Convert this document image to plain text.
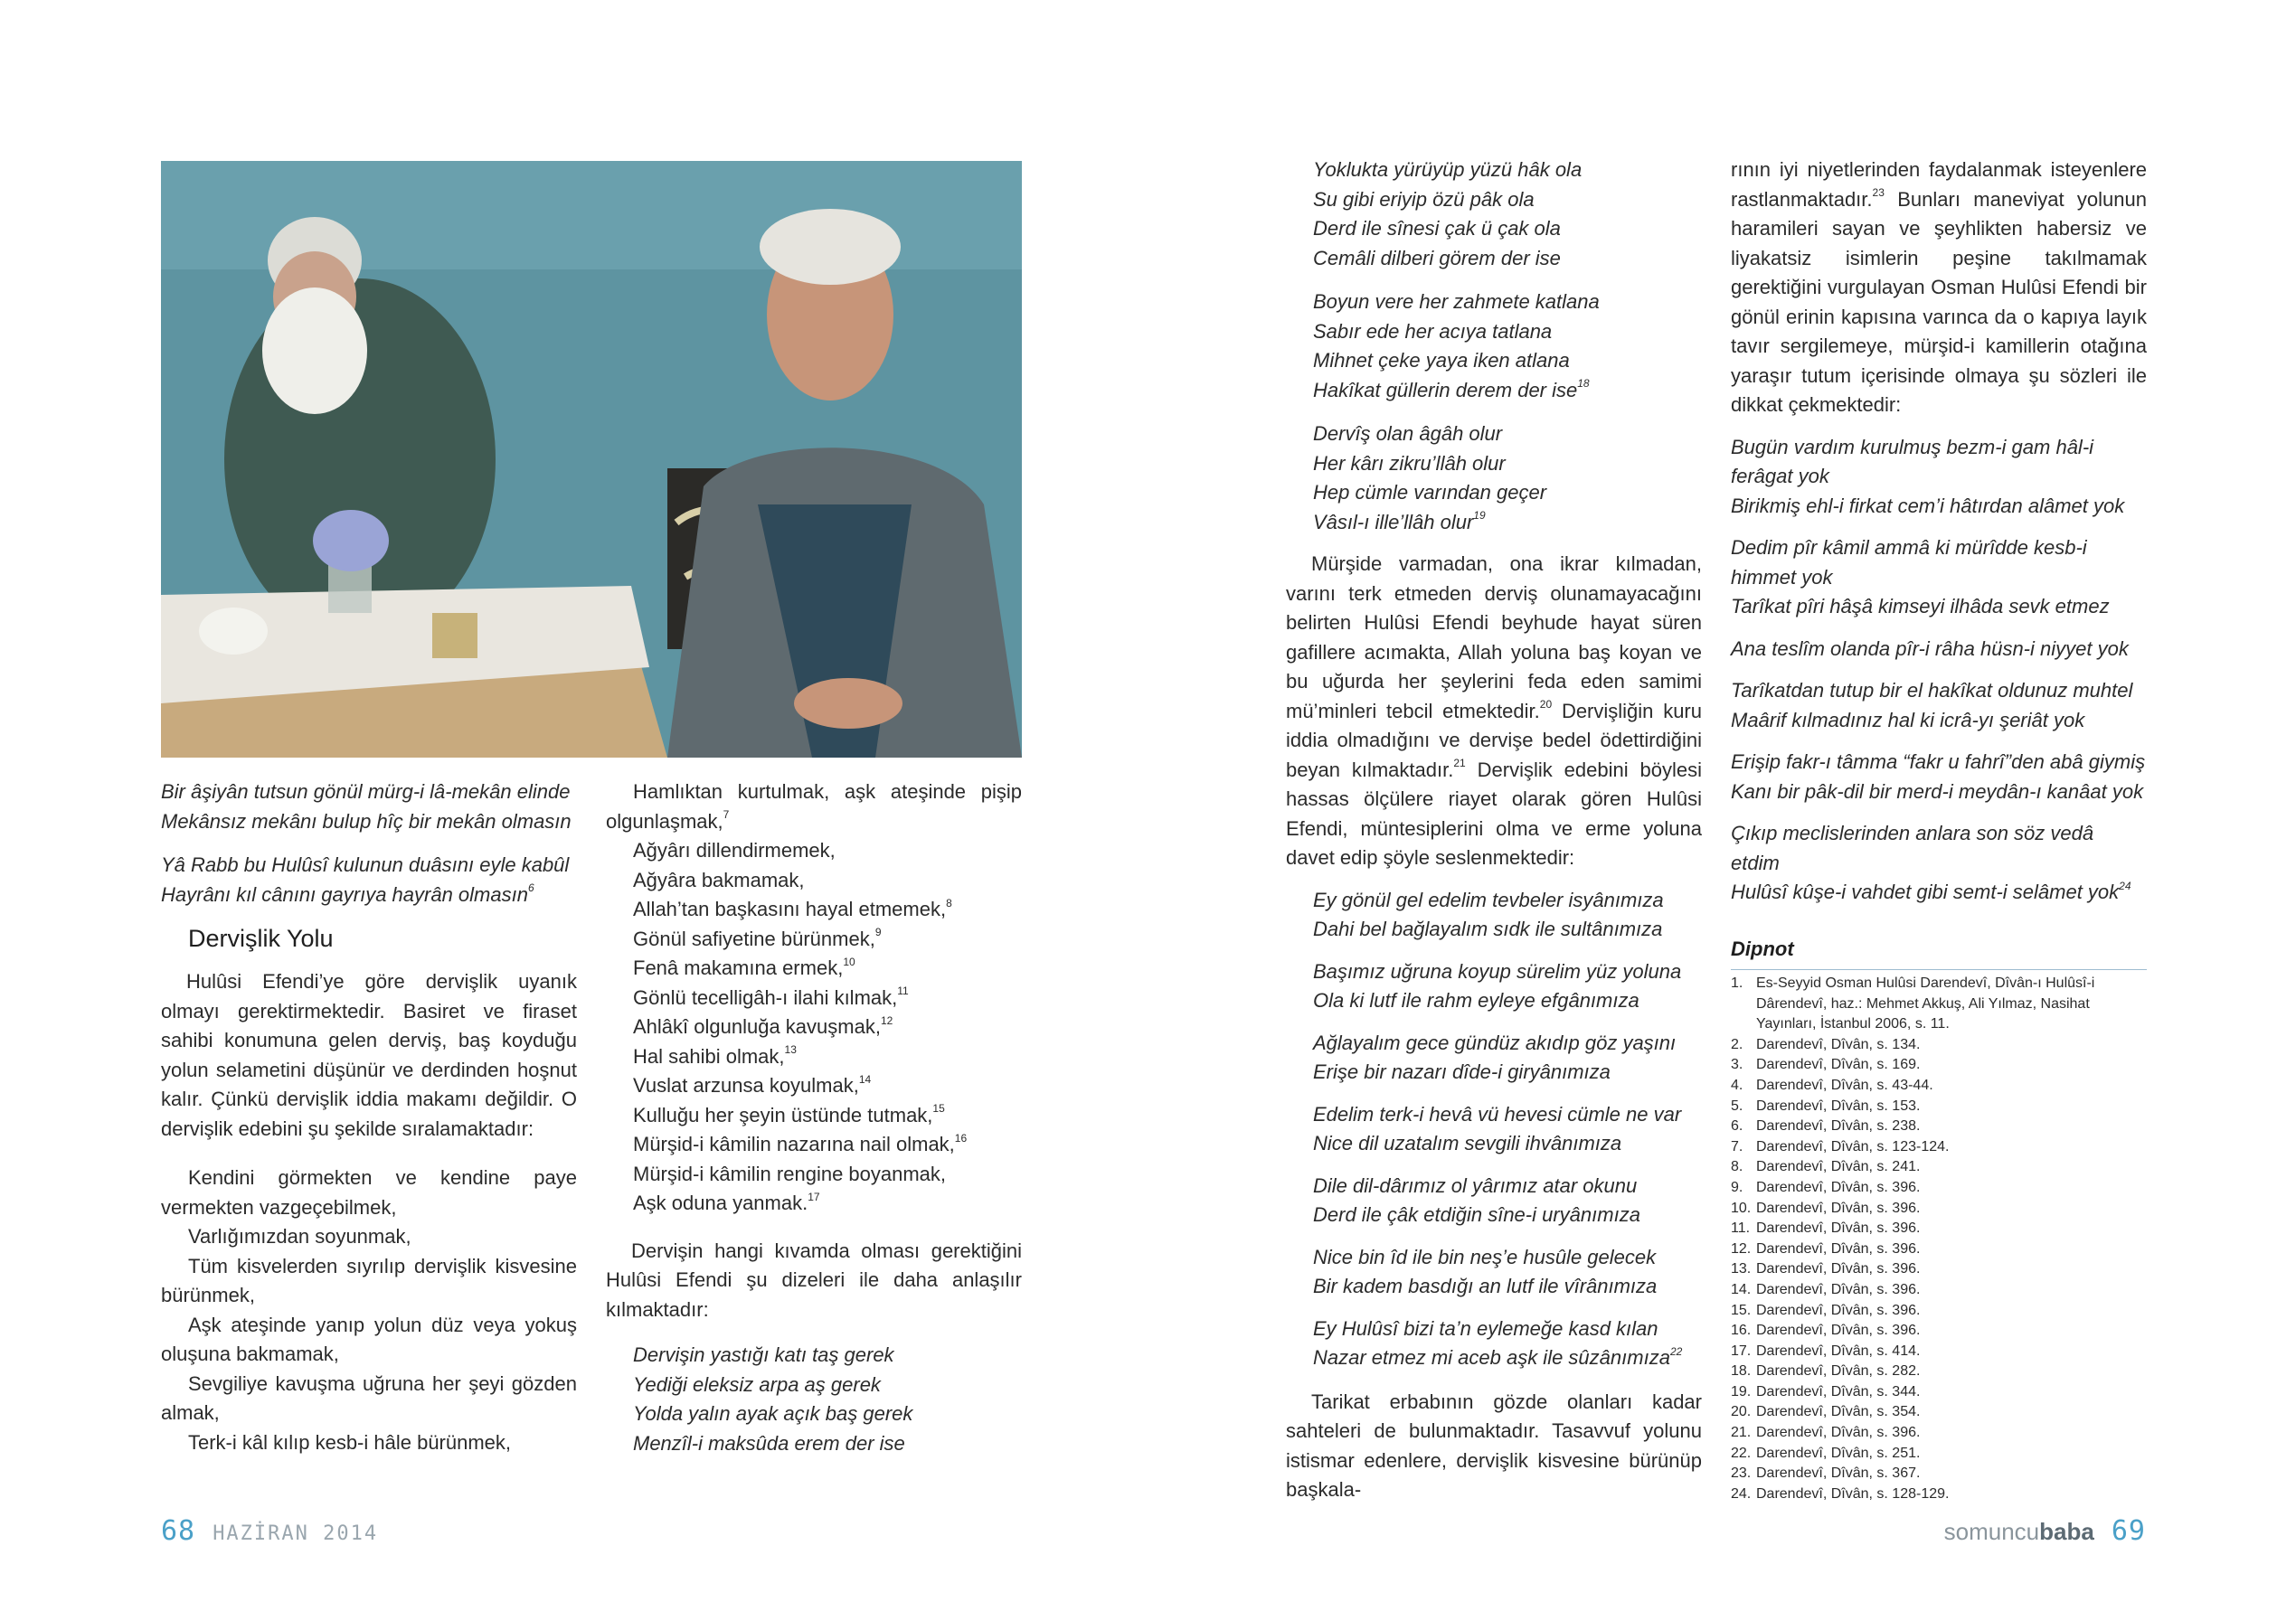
Bir âşiyân tutsun gönül mürg-i lâ-mekân elinde
Mekânsız mekânı bulup hîç bir mekân olmasın
Yâ Rabb bu Hulûsî kulunun duâsını eyle kabûl
Hayrânı kıl cânını gayrıya hayrân olmasın$^6$
Dervişlik Yolu

Hulûsi Efendi’ye göre dervişlik uyanık olmayı gerektirmektedir. Basiret ve firaset sahibi konumuna gelen derviş, baş koyduğu yolun selametini düşünür ve derdinden hoşnut kalır. Çünkü dervişlik iddia makamı değildir. O dervişlik edebini şu şekilde sıralamaktadır:

Kendini görmekten ve kendine paye vermekten vazgeçebilmek,

Varlığımızdan soyunmak,

Tüm kisvelerden sıyrılıp dervişlik kisvesine bürünmek,

Aşk ateşinde yanıp yolun düz veya yokuş oluşuna bakmamak,

Sevgiliye kavuşma uğruna her şeyi gözden almak,

Terk-i kâl kılıp kesb-i hâle bürünmek,

Hamlıktan kurtulmak, aşk ateşinde pişip olgunlaşmak,$^7$

Ağyârı dillendirmemek,

Ağyâra bakmamak,

Allah’tan başkasını hayal etmemek,$^8$

Gönül safiyetine bürünmek,$^9$

Fenâ makamına ermek,$^{10}$

Gönlü tecelligâh-ı ilahi kılmak,$^{11}$

Ahlâkî olgunluğa kavuşmak,$^{12}$

Hal sahibi olmak,$^{13}$

Vuslat arzunsa koyulmak,$^{14}$

Kulluğu her şeyin üstünde tutmak,$^{15}$

Mürşid-i kâmilin nazarına nail olmak,$^{16}$

Mürşid-i kâmilin rengine boyanmak,

Aşk oduna yanmak.$^{17}$

Dervişin hangi kıvamda olması gerektiğini Hulûsi Efendi şu dizeleri ile daha anlaşılır kılmaktadır:

Dervişin yastığı katı taş gerek
Yediği eleksiz arpa aş gerek
Yolda yalın ayak açık baş gerek
Menzîl-i maksûda erem der ise
68 HAZİRAN 2014
Yoklukta yürüyüp yüzü hâk ola
Su gibi eriyip özü pâk ola
Derd ile sînesi çak ü çak ola
Cemâli dilberi görem der ise
Boyun vere her zahmete katlana
Sabır ede her acıya tatlana
Mihnet çeke yaya iken atlana
Hakîkat güllerin derem der ise$^{18}$
Dervîş olan âgâh olur
Her kârı zikru’llâh olur
Hep cümle varından geçer
Vâsıl-ı ille’llâh olur$^{19}$

Mürşide varmadan, ona ikrar kılmadan, varını terk etmeden derviş olunamayacağını belirten Hulûsi Efendi beyhude hayat süren gafillere acımakta, Allah yoluna baş koyan ve bu uğurda her şeylerini feda eden samimi mü’minleri tebcil etmektedir.$^{20}$ Dervişliğin kuru iddia olmadığını ve dervişe bedel ödettirdiğini beyan kılmaktadır.$^{21}$ Dervişlik edebini böylesi hassas ölçülere riayet olarak gören Hulûsi Efendi, müntesiplerini olma ve erme yoluna davet edip şöyle seslenmektedir:

Ey gönül gel edelim tevbeler isyânımıza
Dahi bel bağlayalım sıdk ile sultânımıza
Başımız uğruna koyup sürelim yüz yoluna
Ola ki lutf ile rahm eyleye efgânımıza
Ağlayalım gece gündüz akıdıp göz yaşını
Erişe bir nazarı dîde-i giryânımıza
Edelim terk-i hevâ vü hevesi cümle ne var
Nice dil uzatalım sevgili ihvânımıza
Dile dil-dârımız ol yârımız atar okunu
Derd ile çâk etdiğin sîne-i uryânımıza
Nice bin îd ile bin neş’e husûle gelecek
Bir kadem basdığı an lutf ile vîrânımıza
Ey Hulûsî bizi ta’n eylemeğe kasd kılan
Nazar etmez mi aceb aşk ile sûzânımıza$^{22}$

Tarikat erbabının gözde olanları kadar sahteleri de bulunmaktadır. Tasavvuf yolunu istismar edenlere, dervişlik kisvesine bürünüp başkala-

rının iyi niyetlerinden faydalanmak isteyenlere rastlanmaktadır.$^{23}$ Bunları maneviyat yolunun haramileri sayan ve şeyhlikten habersiz ve liyakatsiz isimlerin peşine takılmamak gerektiğini vurgulayan Osman Hulûsi Efendi bir gönül erinin kapısına varınca da o kapıya layık tavır sergilemeye, mürşid-i kamillerin otağına yaraşır tutum içerisinde olmaya şu sözleri ile dikkat çekmektedir:

Bugün vardım kurulmuş bezm-i gam hâl-i ferâgat yok
Birikmiş ehl-i firkat cem’i hâtırdan alâmet yok
Dedim pîr kâmil ammâ ki mürîdde kesb-i himmet yok
Tarîkat pîri hâşâ kimseyi ilhâda sevk etmez
Ana teslîm olanda pîr-i râha hüsn-i niyyet yok
Tarîkatdan tutup bir el hakîkat oldunuz muhtel
Maârif kılmadınız hal ki icrâ-yı şeriât yok
Erişip fakr-ı tâmma “fakr u fahrî”den abâ giymiş
Kanı bir pâk-dil bir merd-i meydân-ı kanâat yok
Çıkıp meclislerinden anlara son söz vedâ etdim
Hulûsî kûşe-i vahdet gibi semt-i selâmet yok$^{24}$
Dipnot
1. Es-Seyyid Osman Hulûsi Darendevî, Dîvân-ı Hulûsî-i Dârendevî, haz.: Mehmet Akkuş, Ali Yılmaz, Nasihat Yayınları, İstanbul 2006, s. 11.
2. Darendevî, Dîvân, s. 134.
3. Darendevî, Dîvân, s. 169.
4. Darendevî, Dîvân, s. 43-44.
5. Darendevî, Dîvân, s. 153.
6. Darendevî, Dîvân, s. 238.
7. Darendevî, Dîvân, s. 123-124.
8. Darendevî, Dîvân, s. 241.
9. Darendevî, Dîvân, s. 396.
10. Darendevî, Dîvân, s. 396.
11. Darendevî, Dîvân, s. 396.
12. Darendevî, Dîvân, s. 396.
13. Darendevî, Dîvân, s. 396.
14. Darendevî, Dîvân, s. 396.
15. Darendevî, Dîvân, s. 396.
16. Darendevî, Dîvân, s. 396.
17. Darendevî, Dîvân, s. 414.
18. Darendevî, Dîvân, s. 282.
19. Darendevî, Dîvân, s. 344.
20. Darendevî, Dîvân, s. 354.
21. Darendevî, Dîvân, s. 396.
22. Darendevî, Dîvân, s. 251.
23. Darendevî, Dîvân, s. 367.
24. Darendevî, Dîvân, s. 128-129.
somuncubaba 69
